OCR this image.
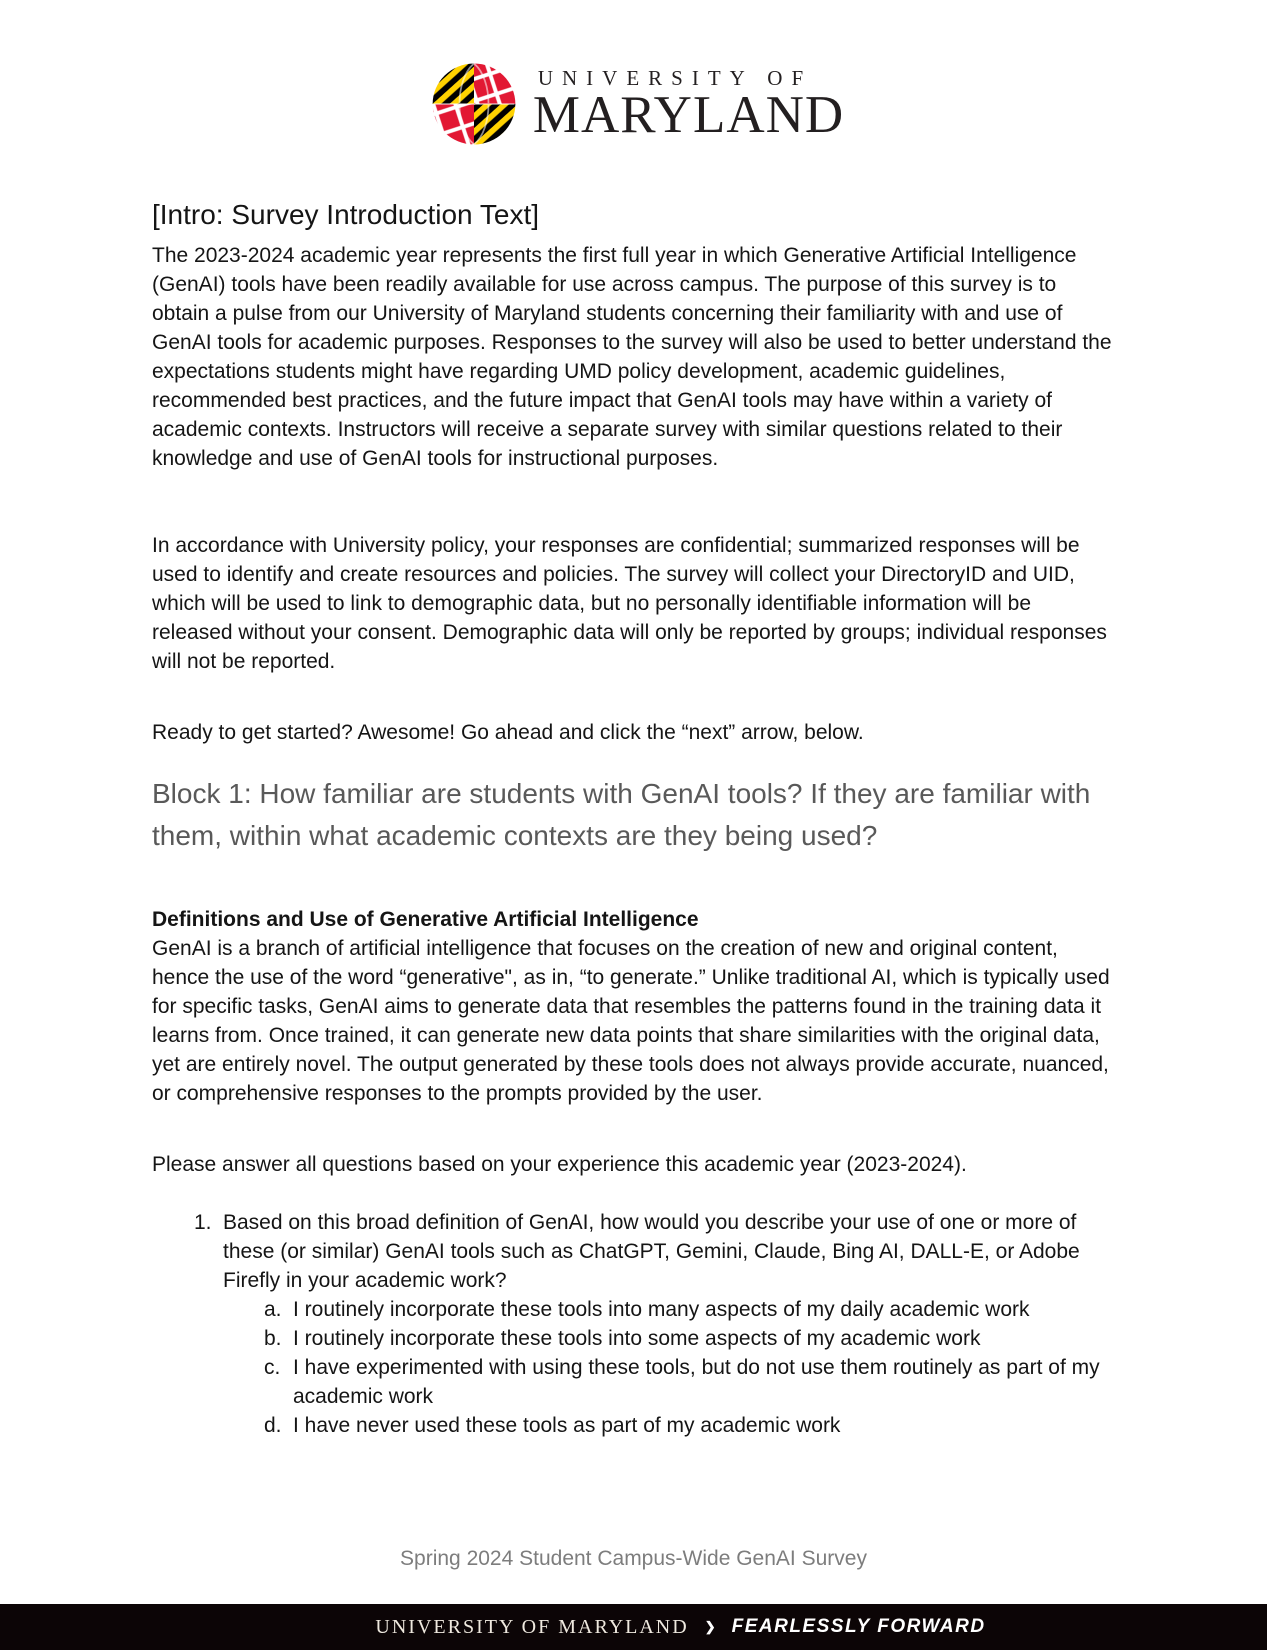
UNIVERSITY OF
MARYLAND
[Intro: Survey Introduction Text]

The 2023-2024 academic year represents the first full year in which Generative Artificial Intelligence (GenAI) tools have been readily available for use across campus. The purpose of this survey is to obtain a pulse from our University of Maryland students concerning their familiarity with and use of GenAI tools for academic purposes. Responses to the survey will also be used to better understand the expectations students might have regarding UMD policy development, academic guidelines, recommended best practices, and the future impact that GenAI tools may have within a variety of academic contexts. Instructors will receive a separate survey with similar questions related to their knowledge and use of GenAI tools for instructional purposes.

In accordance with University policy, your responses are confidential; summarized responses will be used to identify and create resources and policies. The survey will collect your DirectoryID and UID, which will be used to link to demographic data, but no personally identifiable information will be released without your consent. Demographic data will only be reported by groups; individual responses will not be reported.

Ready to get started? Awesome! Go ahead and click the “next” arrow, below.

Block 1: How familiar are students with GenAI tools? If they are familiar with them, within what academic contexts are they being used?
Definitions and Use of Generative Artificial Intelligence

GenAI is a branch of artificial intelligence that focuses on the creation of new and original content, hence the use of the word “generative", as in, “to generate.” Unlike traditional AI, which is typically used for specific tasks, GenAI aims to generate data that resembles the patterns found in the training data it learns from. Once trained, it can generate new data points that share similarities with the original data, yet are entirely novel. The output generated by these tools does not always provide accurate, nuanced, or comprehensive responses to the prompts provided by the user.

Please answer all questions based on your experience this academic year (2023-2024).

1. Based on this broad definition of GenAI, how would you describe your use of one or more of these (or similar) GenAI tools such as ChatGPT, Gemini, Claude, Bing AI, DALL-E, or Adobe Firefly in your academic work?
a. I routinely incorporate these tools into many aspects of my daily academic work
b. I routinely incorporate these tools into some aspects of my academic work
c. I have experimented with using these tools, but do not use them routinely as part of my academic work
d. I have never used these tools as part of my academic work
Spring 2024 Student Campus-Wide GenAI Survey
UNIVERSITY OF MARYLAND ❯ FEARLESSLY FORWARD
